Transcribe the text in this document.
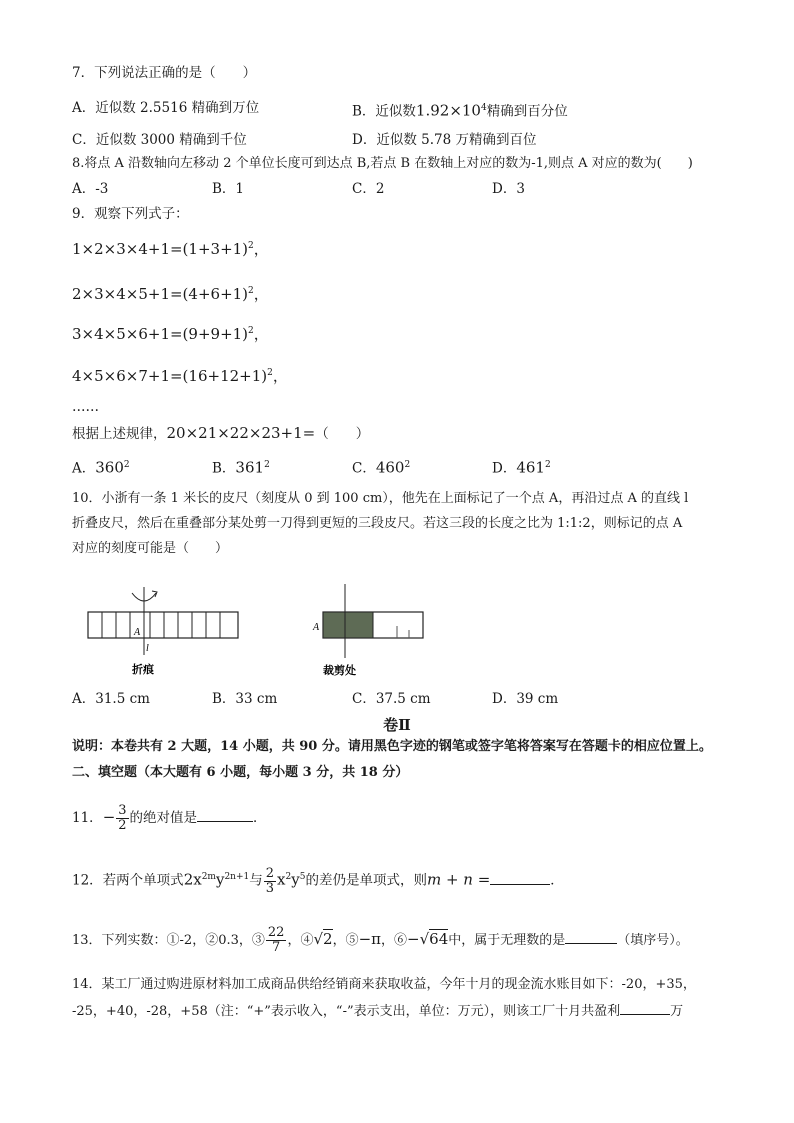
7．下列说法正确的是（　　）
A．近似数 2.5516 精确到万位	B．近似数$1.92\times 10^4$精确到百分位
C．近似数 3000 精确到千位	D．近似数 5.78 万精确到百位
8.将点 A 沿数轴向左移动 2 个单位长度可到达点 B,若点 B 在数轴上对应的数为-1,则点 A 对应的数为(　　)
A．-3	B．1	C．2	D．3
9．观察下列式子：
$1\times 2\times 3\times 4+1=(1+3+1)^2$，
$2\times 3\times 4\times 5+1=(4+6+1)^2$，
$3\times 4\times 5\times 6+1=(9+9+1)^2$，
$4\times 5\times 6\times 7+1=(16+12+1)^2$，
……
根据上述规律，20×21×22×23+1=（　　）
A．$360^2$	B．$361^2$	C．$460^2$	D．$461^2$
10．小浙有一条 1 米长的皮尺（刻度从 0 到 100 cm），他先在上面标记了一个点 A，再沿过点 A 的直线 l
折叠皮尺，然后在重叠部分某处剪一刀得到更短的三段皮尺。若这三段的长度之比为 1:1:2，则标记的点 A
对应的刻度可能是（　　）
A
l
折痕
A
裁剪处
A．31.5 cm	B．33 cm	C．37.5 cm	D．39 cm
卷Ⅱ
说明：本卷共有 2 大题，14 小题，共 90 分。请用黑色字迹的钢笔或签字笔将答案写在答题卡的相应位置上。
二、填空题（本大题有 6 小题，每小题 3 分，共 18 分）
11．− $\frac{3}{2}$ 的绝对值是	．
12．若两个单项式$2x^{2m}y^{2n+1}$与 $\frac{2}{3} x^2y^5$的差仍是单项式，则m + n =	．
13．下列实数：①-2，②0.3，③ $\frac{22}{7}$ ，④√2，⑤−π，⑥−√64中，属于无理数的是	（填序号）。
14．某工厂通过购进原材料加工成商品供给经销商来获取收益，今年十月的现金流水账目如下：-20，+35，
-25，+40，-28，+58（注：“+”表示收入，“-”表示支出，单位：万元），则该工厂十月共盈利	万
